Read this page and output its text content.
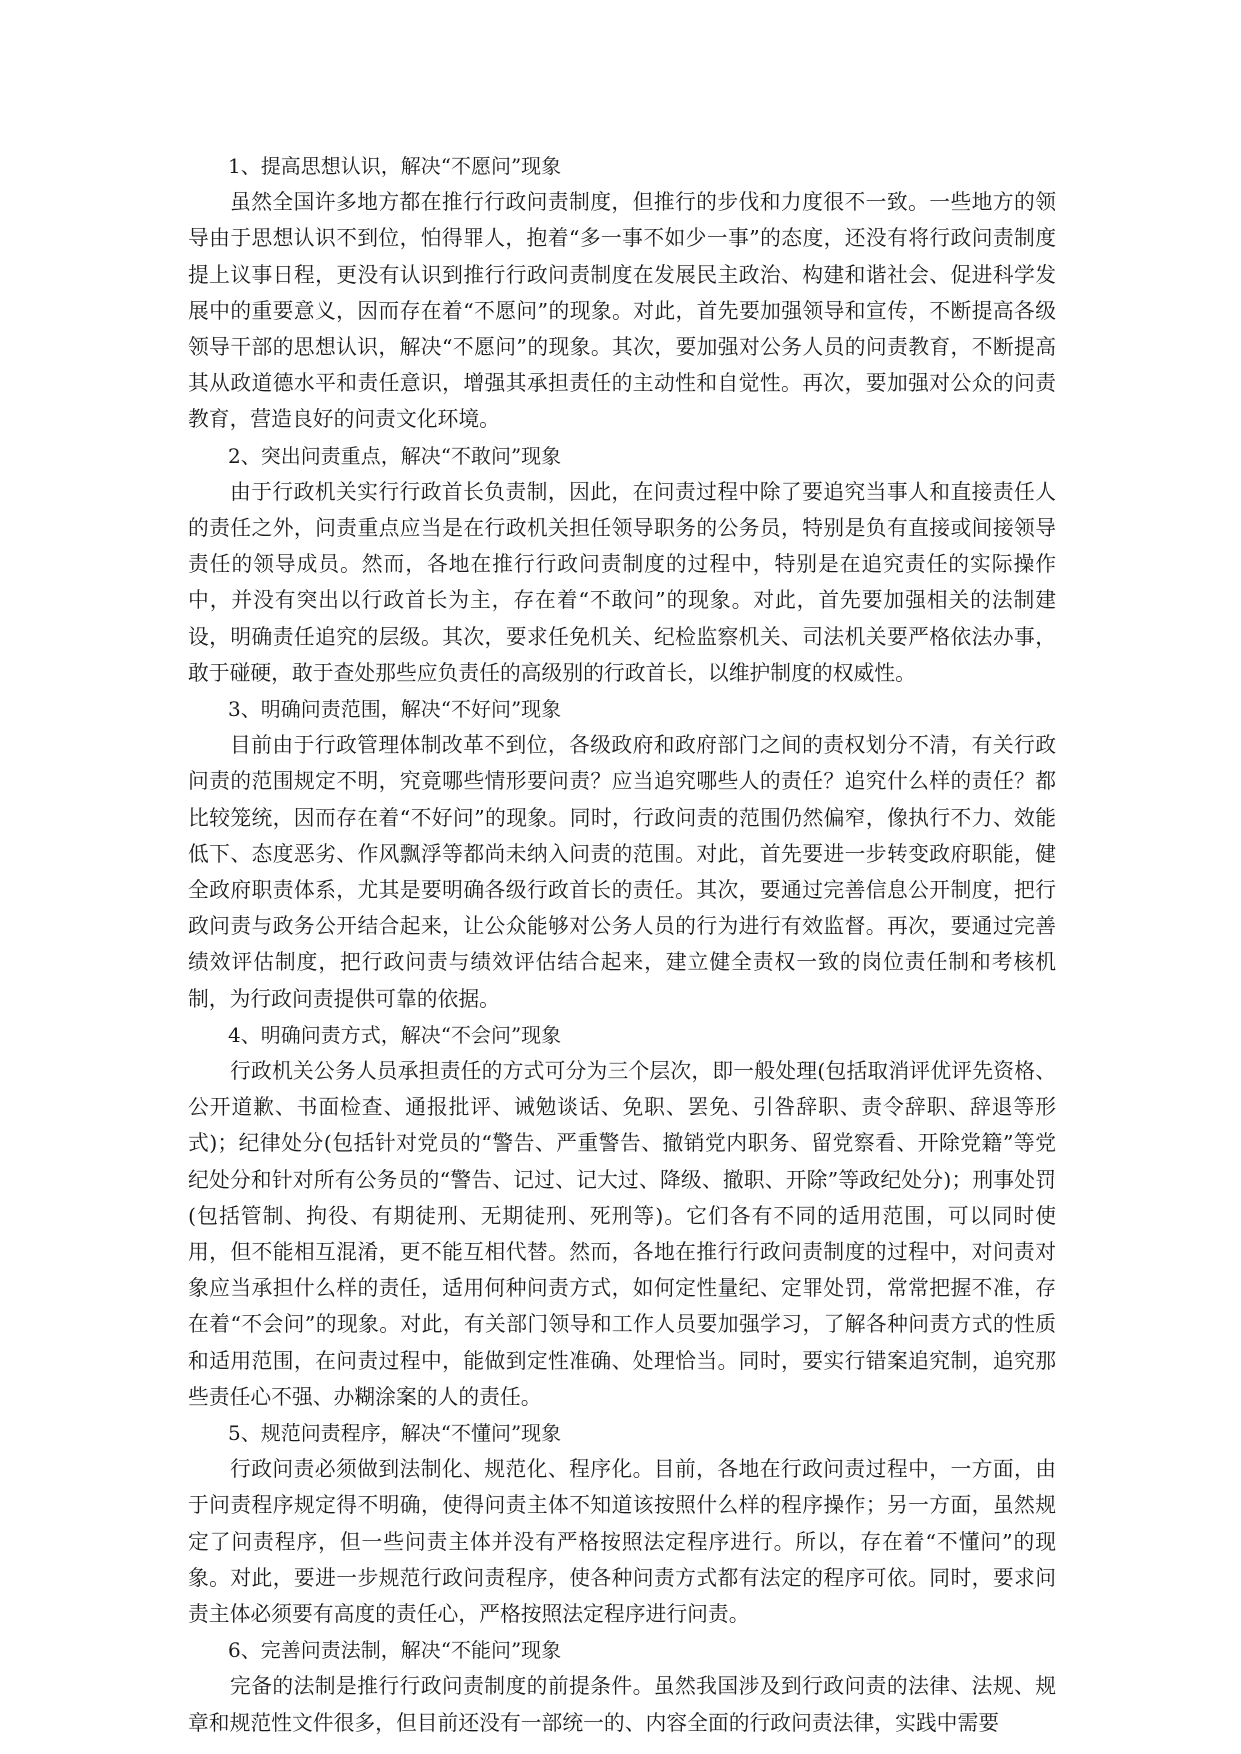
1、提高思想认识，解决“不愿问”现象

虽然全国许多地方都在推行行政问责制度，但推行的步伐和力度很不一致。一些地方的领导由于思想认识不到位，怕得罪人，抱着“多一事不如少一事”的态度，还没有将行政问责制度提上议事日程，更没有认识到推行行政问责制度在发展民主政治、构建和谐社会、促进科学发展中的重要意义，因而存在着“不愿问”的现象。对此，首先要加强领导和宣传，不断提高各级领导干部的思想认识，解决“不愿问”的现象。其次，要加强对公务人员的问责教育，不断提高其从政道德水平和责任意识，增强其承担责任的主动性和自觉性。再次，要加强对公众的问责教育，营造良好的问责文化环境。

2、突出问责重点，解决“不敢问”现象

由于行政机关实行行政首长负责制，因此，在问责过程中除了要追究当事人和直接责任人的责任之外，问责重点应当是在行政机关担任领导职务的公务员，特别是负有直接或间接领导责任的领导成员。然而，各地在推行行政问责制度的过程中，特别是在追究责任的实际操作中，并没有突出以行政首长为主，存在着“不敢问”的现象。对此，首先要加强相关的法制建设，明确责任追究的层级。其次，要求任免机关、纪检监察机关、司法机关要严格依法办事，敢于碰硬，敢于查处那些应负责任的高级别的行政首长，以维护制度的权威性。

3、明确问责范围，解决“不好问”现象

目前由于行政管理体制改革不到位，各级政府和政府部门之间的责权划分不清，有关行政问责的范围规定不明，究竟哪些情形要问责？应当追究哪些人的责任？追究什么样的责任？都比较笼统，因而存在着“不好问”的现象。同时，行政问责的范围仍然偏窄，像执行不力、效能低下、态度恶劣、作风飘浮等都尚未纳入问责的范围。对此，首先要进一步转变政府职能，健全政府职责体系，尤其是要明确各级行政首长的责任。其次，要通过完善信息公开制度，把行政问责与政务公开结合起来，让公众能够对公务人员的行为进行有效监督。再次，要通过完善绩效评估制度，把行政问责与绩效评估结合起来，建立健全责权一致的岗位责任制和考核机制，为行政问责提供可靠的依据。

4、明确问责方式，解决“不会问”现象

行政机关公务人员承担责任的方式可分为三个层次，即一般处理(包括取消评优评先资格、公开道歉、书面检查、通报批评、诫勉谈话、免职、罢免、引咎辞职、责令辞职、辞退等形式)；纪律处分(包括针对党员的“警告、严重警告、撤销党内职务、留党察看、开除党籍”等党纪处分和针对所有公务员的“警告、记过、记大过、降级、撤职、开除”等政纪处分)；刑事处罚(包括管制、拘役、有期徒刑、无期徒刑、死刑等)。它们各有不同的适用范围，可以同时使用，但不能相互混淆，更不能互相代替。然而，各地在推行行政问责制度的过程中，对问责对象应当承担什么样的责任，适用何种问责方式，如何定性量纪、定罪处罚，常常把握不准，存在着“不会问”的现象。对此，有关部门领导和工作人员要加强学习，了解各种问责方式的性质和适用范围，在问责过程中，能做到定性准确、处理恰当。同时，要实行错案追究制，追究那些责任心不强、办糊涂案的人的责任。

5、规范问责程序，解决“不懂问”现象

行政问责必须做到法制化、规范化、程序化。目前，各地在行政问责过程中，一方面，由于问责程序规定得不明确，使得问责主体不知道该按照什么样的程序操作；另一方面，虽然规定了问责程序，但一些问责主体并没有严格按照法定程序进行。所以，存在着“不懂问”的现象。对此，要进一步规范行政问责程序，使各种问责方式都有法定的程序可依。同时，要求问责主体必须要有高度的责任心，严格按照法定程序进行问责。

6、完善问责法制，解决“不能问”现象

完备的法制是推行行政问责制度的前提条件。虽然我国涉及到行政问责的法律、法规、规章和规范性文件很多，但目前还没有一部统一的、内容全面的行政问责法律，实践中需要
